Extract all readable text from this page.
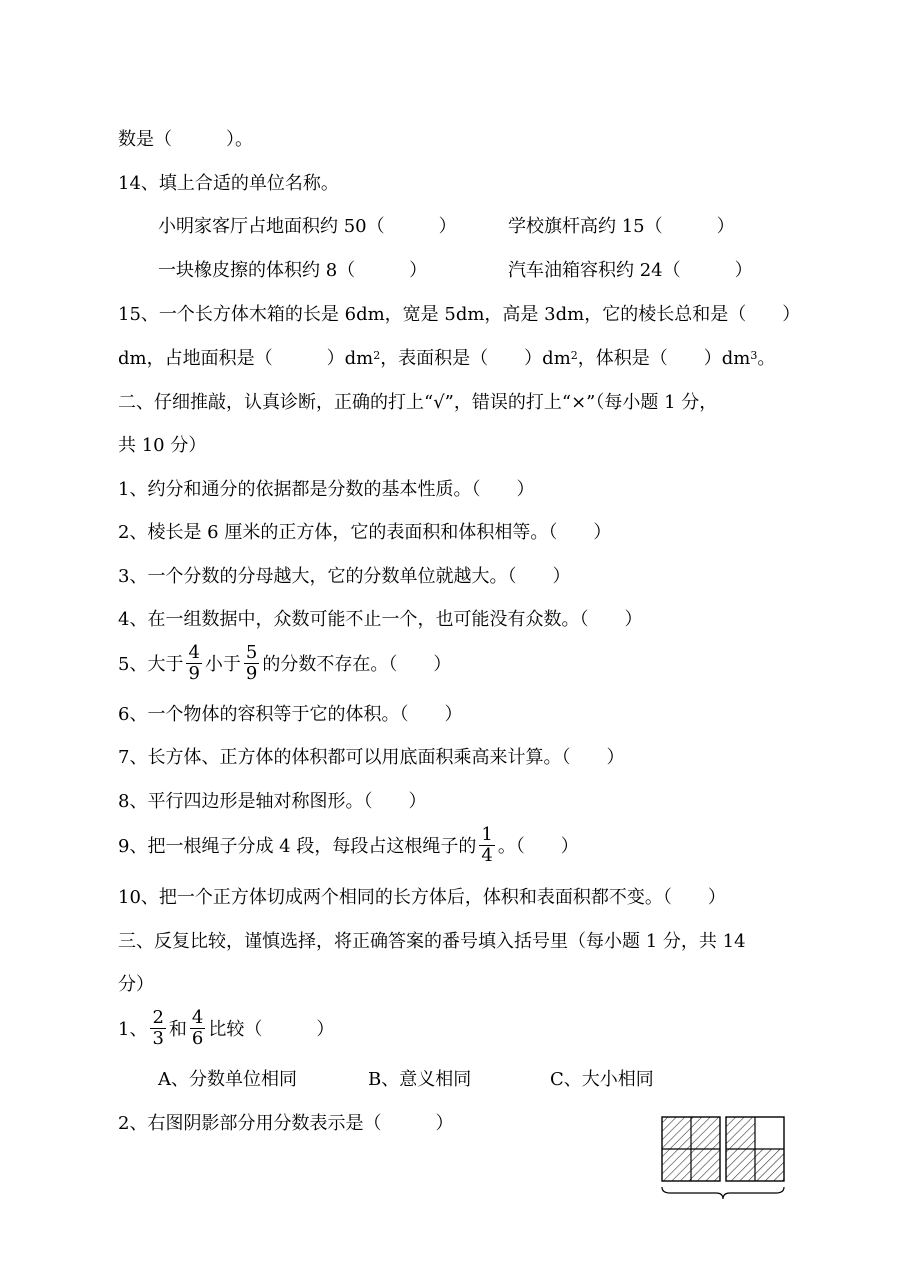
数是（　　　）。
14、填上合适的单位名称。
小明家客厅占地面积约 50（　　　）	学校旗杆高约 15（　　　）
一块橡皮擦的体积约 8（　　　）	汽车油箱容积约 24（　　　）
15、一个长方体木箱的长是 6dm，宽是 5dm，高是 3dm，它的棱长总和是（　　）
dm，占地面积是（　　　）$dm^2$，表面积是（　　）$dm^2$，体积是（　　）$dm^3$。
二、仔细推敲，认真诊断，正确的打上“√”，错误的打上“×”（每小题 1 分，
共 10 分）
1、约分和通分的依据都是分数的基本性质。（　　）
2、棱长是 6 厘米的正方体，它的表面积和体积相等。（　　）
3、一个分数的分母越大，它的分数单位就越大。（　　）
4、在一组数据中，众数可能不止一个，也可能没有众数。（　　）
5、大于 $\frac{4}{9}$ 小于 $\frac{5}{9}$ 的分数不存在。（　　）
6、一个物体的容积等于它的体积。（　　）
7、长方体、正方体的体积都可以用底面积乘高来计算。（　　）
8、平行四边形是轴对称图形。（　　）
9、把一根绳子分成 4 段，每段占这根绳子的 $\frac{1}{4}$ 。（　　）
10、把一个正方体切成两个相同的长方体后，体积和表面积都不变。（　　）
三、反复比较，谨慎选择，将正确答案的番号填入括号里（每小题 1 分，共 14
分）
1、 $\frac{2}{3}$ 和 $\frac{4}{6}$ 比较（　　　）
A、分数单位相同	B、意义相同	C、大小相同
2、右图阴影部分用分数表示是（　　　）
